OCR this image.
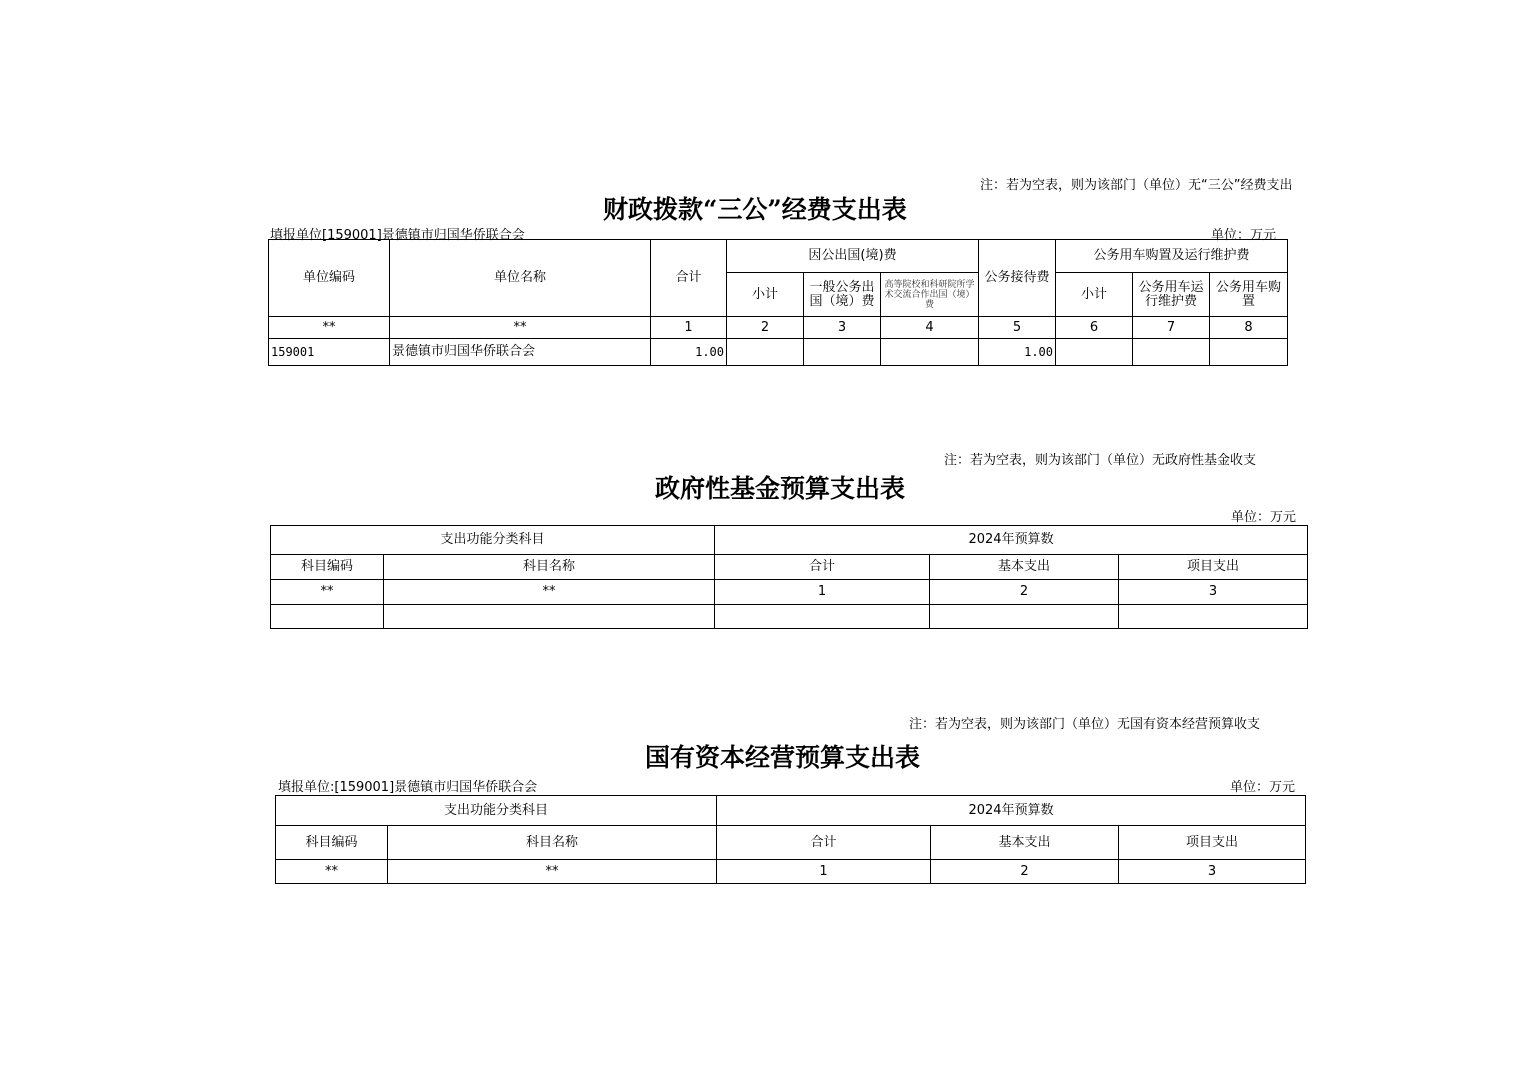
注：若为空表，则为该部门（单位）无“三公”经费支出
财政拨款“三公”经费支出表
填报单位[159001]景德镇市归国华侨联合会	单位：万元
单位编码	单位名称	合计	因公出国(境)费			公务接待费	公务用车购置及运行维护费		
			小计	一般公务出国（境）费	高等院校和科研院所学术交流合作出国（境）费		小计	公务用车运行维护费	公务用车购置
**	**	1	2	3	4	5	6	7	8
159001	景德镇市归国华侨联合会	1.00				1.00			
注：若为空表，则为该部门（单位）无政府性基金收支
政府性基金预算支出表
单位：万元
支出功能分类科目		2024年预算数		
科目编码	科目名称	合计	基本支出	项目支出
**	**	1	2	3

注：若为空表，则为该部门（单位）无国有资本经营预算收支
国有资本经营预算支出表
填报单位:[159001]景德镇市归国华侨联合会	单位：万元
支出功能分类科目		2024年预算数		
科目编码	科目名称	合计	基本支出	项目支出
**	**	1	2	3
